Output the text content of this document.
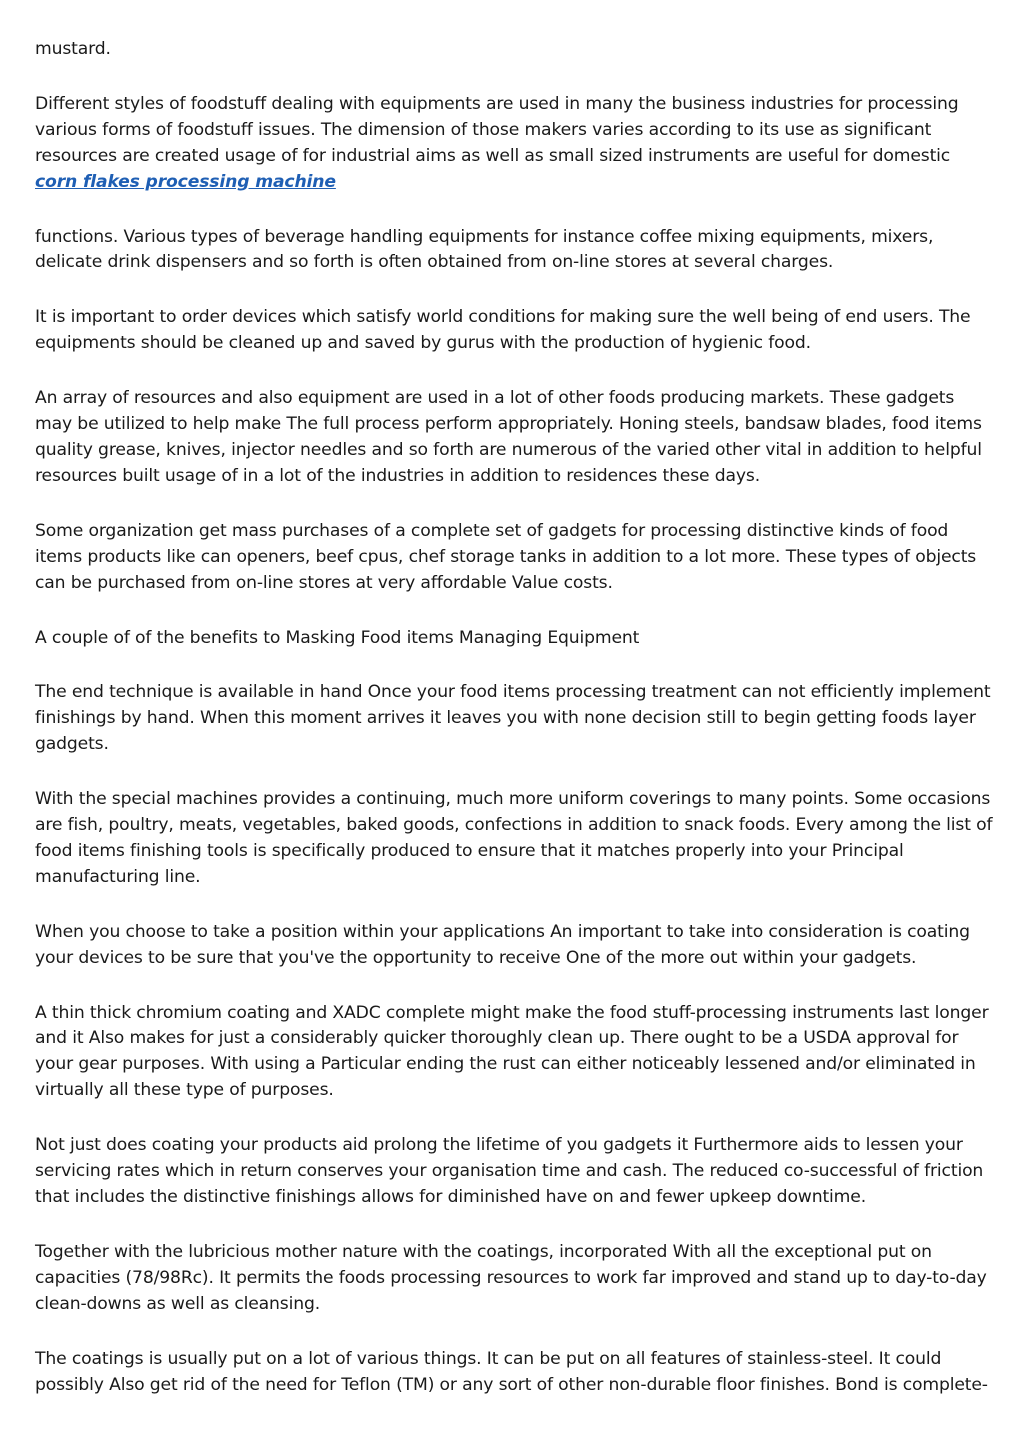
mustard.

Different styles of foodstuff dealing with equipments are used in many the business industries for processing various forms of foodstuff issues. The dimension of those makers varies according to its use as significant resources are created usage of for industrial aims as well as small sized instruments are useful for domestic corn flakes processing machine

functions. Various types of beverage handling equipments for instance coffee mixing equipments, mixers, delicate drink dispensers and so forth is often obtained from on-line stores at several charges.

It is important to order devices which satisfy world conditions for making sure the well being of end users. The equipments should be cleaned up and saved by gurus with the production of hygienic food.

An array of resources and also equipment are used in a lot of other foods producing markets. These gadgets may be utilized to help make The full process perform appropriately. Honing steels, bandsaw blades, food items quality grease, knives, injector needles and so forth are numerous of the varied other vital in addition to helpful resources built usage of in a lot of the industries in addition to residences these days.

Some organization get mass purchases of a complete set of gadgets for processing distinctive kinds of food items products like can openers, beef cpus, chef storage tanks in addition to a lot more. These types of objects can be purchased from on-line stores at very affordable Value costs.

A couple of of the benefits to Masking Food items Managing Equipment

The end technique is available in hand Once your food items processing treatment can not efficiently implement finishings by hand. When this moment arrives it leaves you with none decision still to begin getting foods layer gadgets.

With the special machines provides a continuing, much more uniform coverings to many points. Some occasions are fish, poultry, meats, vegetables, baked goods, confections in addition to snack foods. Every among the list of food items finishing tools is specifically produced to ensure that it matches properly into your Principal manufacturing line.

When you choose to take a position within your applications An important to take into consideration is coating your devices to be sure that you've the opportunity to receive One of the more out within your gadgets.

A thin thick chromium coating and XADC complete might make the food stuff-processing instruments last longer and it Also makes for just a considerably quicker thoroughly clean up. There ought to be a USDA approval for your gear purposes. With using a Particular ending the rust can either noticeably lessened and/or eliminated in virtually all these type of purposes.

Not just does coating your products aid prolong the lifetime of you gadgets it Furthermore aids to lessen your servicing rates which in return conserves your organisation time and cash. The reduced co-successful of friction that includes the distinctive finishings allows for diminished have on and fewer upkeep downtime.

Together with the lubricious mother nature with the coatings, incorporated With all the exceptional put on capacities (78/98Rc). It permits the foods processing resources to work far improved and stand up to day-to-day clean-downs as well as cleansing.

The coatings is usually put on a lot of various things. It can be put on all features of stainless-steel. It could possibly Also get rid of the need for Teflon (TM) or any sort of other non-durable floor finishes. Bond is complete-
